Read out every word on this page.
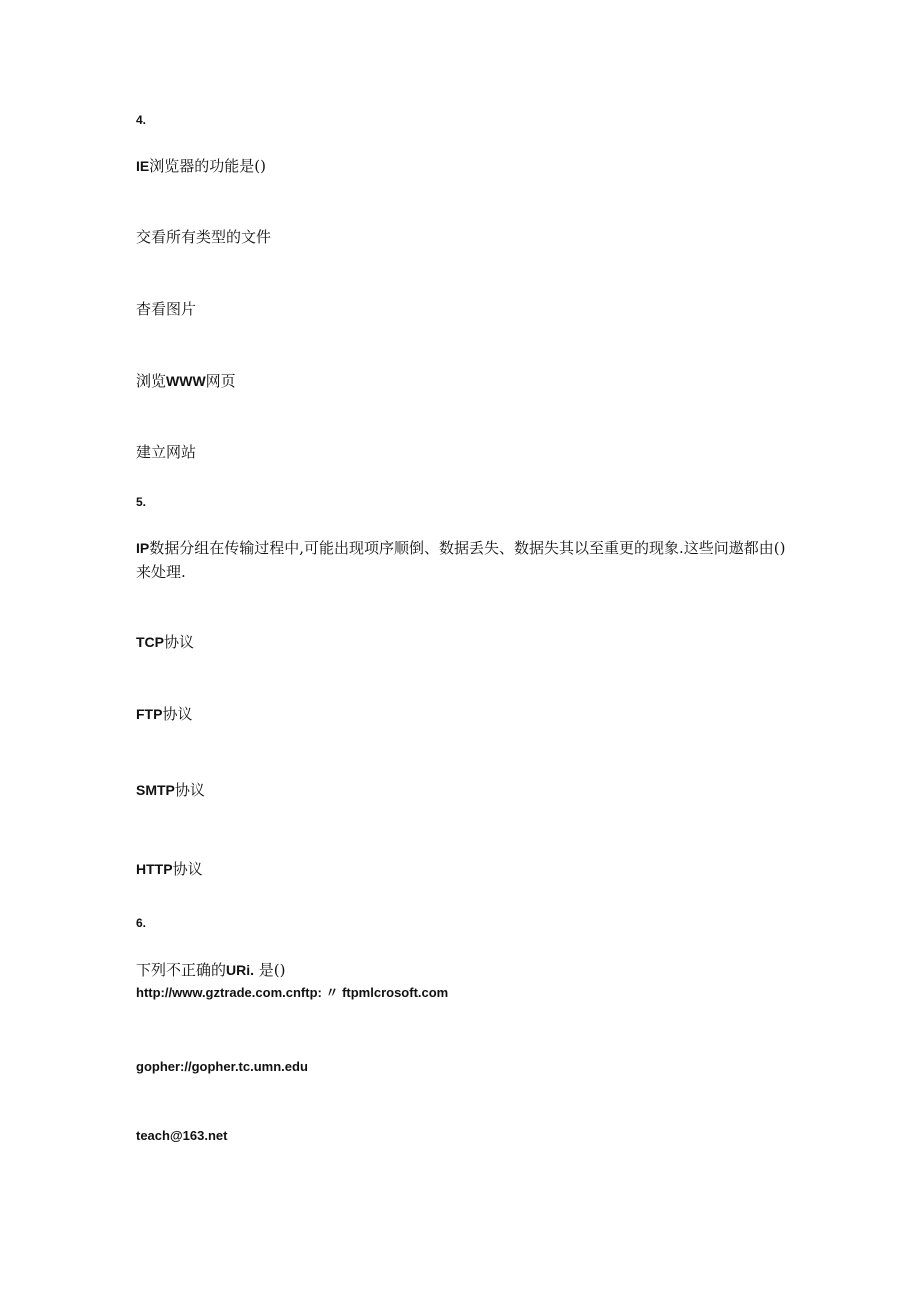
4.
IE浏览器的功能是()
交看所有类型的文件
杳看图片
浏览WWW网页
建立网站
5.
IP数据分组在传输过程中,可能出现项序顺倒、数据丢失、数据失其以至重更的现象.这些问遨都由()来处理.
TCP协议
FTP协议
SMTP协议
HTTP协议
6.
下列不正确的URi. 是()
http://www.gztrade.com.cnftp: 〃 ftpmlcrosoft.com
gopher://gopher.tc.umn.edu
teach@163.net
